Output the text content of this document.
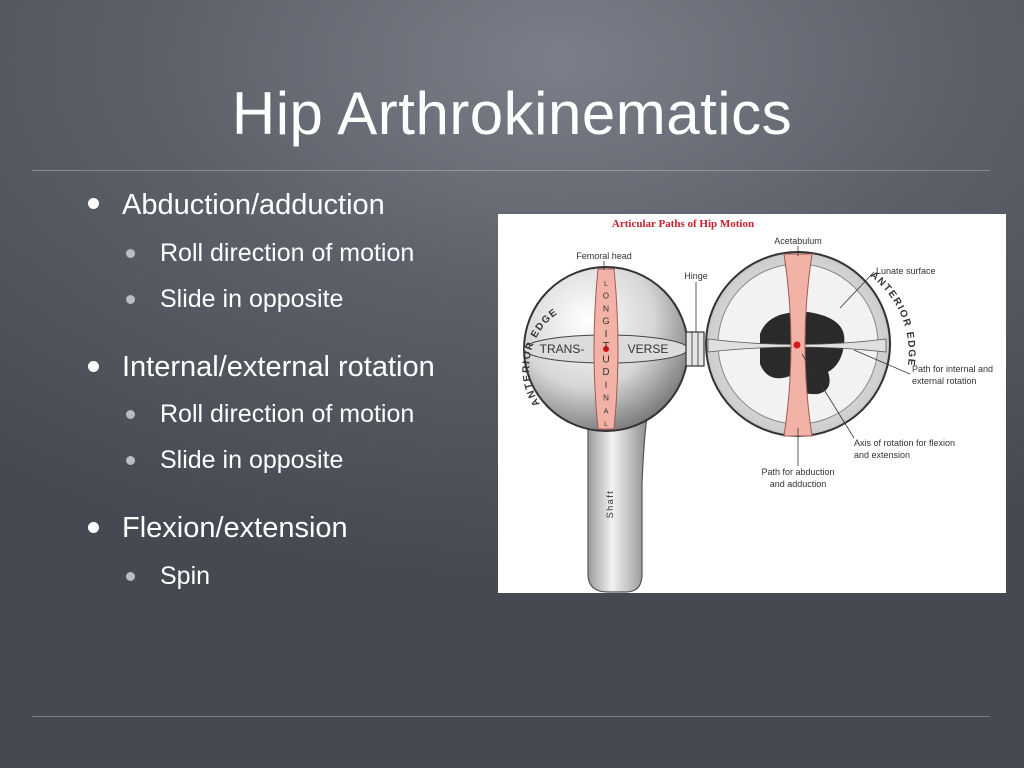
Hip Arthrokinematics
Abduction/adduction
Roll direction of motion
Slide in opposite
Internal/external rotation
Roll direction of motion
Slide in opposite
Flexion/extension
Spin
Articular Paths of Hip Motion
Shaft
TRANS-	VERSE
L
O
N
G
I
T
U
D
I
N
A
L
ANTERIOR EDGE
ANTERIOR EDGE
Acetabulum
Femoral head
Hinge	Lunate surface
Path for internal and
external rotation
Axis of rotation for flexion
and extension
Path for abduction
and adduction
